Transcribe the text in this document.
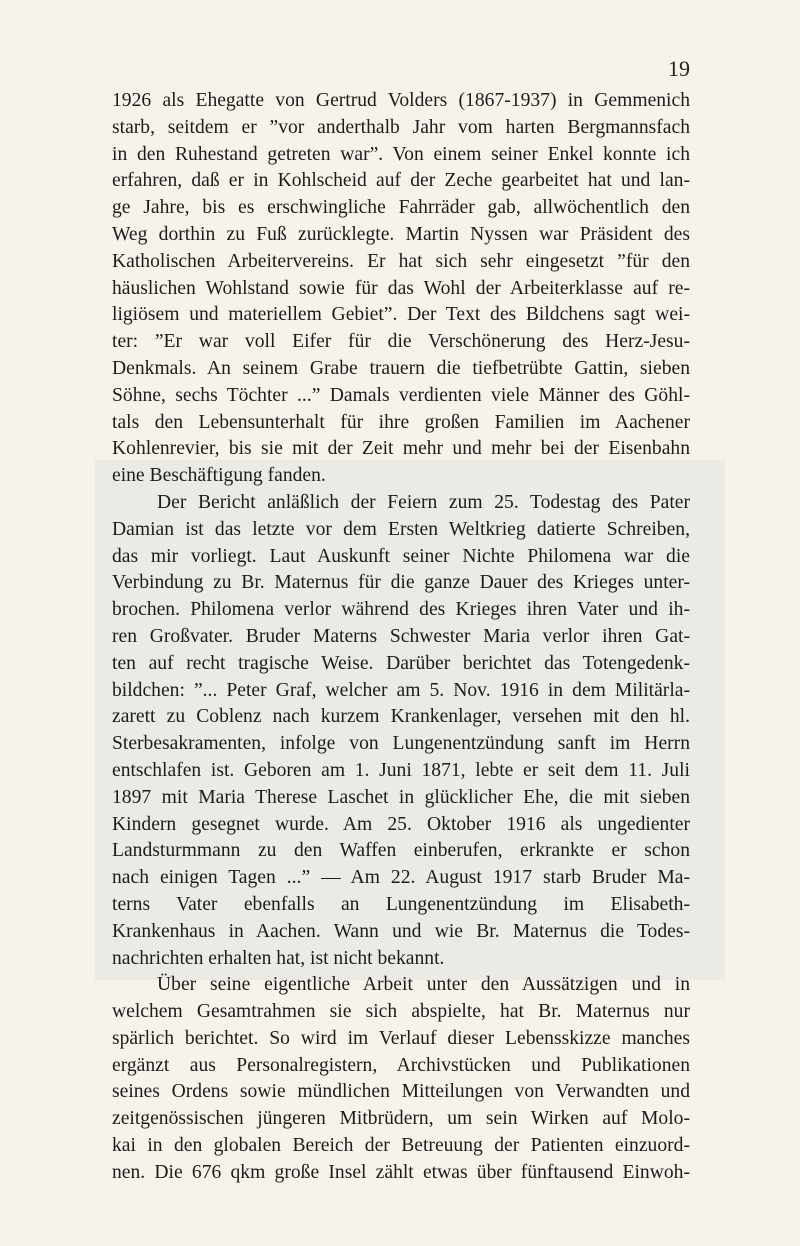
19
1926 als Ehegatte von Gertrud Volders (1867-1937) in Gemmenich
starb, seitdem er ”vor anderthalb Jahr vom harten Bergmannsfach
in den Ruhestand getreten war”. Von einem seiner Enkel konnte ich
erfahren, daß er in Kohlscheid auf der Zeche gearbeitet hat und lan-
ge Jahre, bis es erschwingliche Fahrräder gab, allwöchentlich den
Weg dorthin zu Fuß zurücklegte. Martin Nyssen war Präsident des
Katholischen Arbeitervereins. Er hat sich sehr eingesetzt ”für den
häuslichen Wohlstand sowie für das Wohl der Arbeiterklasse auf re-
ligiösem und materiellem Gebiet”. Der Text des Bildchens sagt wei-
ter: ”Er war voll Eifer für die Verschönerung des Herz-Jesu-
Denkmals. An seinem Grabe trauern die tiefbetrübte Gattin, sieben
Söhne, sechs Töchter ...” Damals verdienten viele Männer des Göhl-
tals den Lebensunterhalt für ihre großen Familien im Aachener
Kohlenrevier, bis sie mit der Zeit mehr und mehr bei der Eisenbahn
eine Beschäftigung fanden.
Der Bericht anläßlich der Feiern zum 25. Todestag des Pater
Damian ist das letzte vor dem Ersten Weltkrieg datierte Schreiben,
das mir vorliegt. Laut Auskunft seiner Nichte Philomena war die
Verbindung zu Br. Maternus für die ganze Dauer des Krieges unter-
brochen. Philomena verlor während des Krieges ihren Vater und ih-
ren Großvater. Bruder Materns Schwester Maria verlor ihren Gat-
ten auf recht tragische Weise. Darüber berichtet das Totengedenk-
bildchen: ”... Peter Graf, welcher am 5. Nov. 1916 in dem Militärla-
zarett zu Coblenz nach kurzem Krankenlager, versehen mit den hl.
Sterbesakramenten, infolge von Lungenentzündung sanft im Herrn
entschlafen ist. Geboren am 1. Juni 1871, lebte er seit dem 11. Juli
1897 mit Maria Therese Laschet in glücklicher Ehe, die mit sieben
Kindern gesegnet wurde. Am 25. Oktober 1916 als ungedienter
Landsturmmann zu den Waffen einberufen, erkrankte er schon
nach einigen Tagen ...” — Am 22. August 1917 starb Bruder Ma-
terns Vater ebenfalls an Lungenentzündung im Elisabeth-
Krankenhaus in Aachen. Wann und wie Br. Maternus die Todes-
nachrichten erhalten hat, ist nicht bekannt.
Über seine eigentliche Arbeit unter den Aussätzigen und in
welchem Gesamtrahmen sie sich abspielte, hat Br. Maternus nur
spärlich berichtet. So wird im Verlauf dieser Lebensskizze manches
ergänzt aus Personalregistern, Archivstücken und Publikationen
seines Ordens sowie mündlichen Mitteilungen von Verwandten und
zeitgenössischen jüngeren Mitbrüdern, um sein Wirken auf Molo-
kai in den globalen Bereich der Betreuung der Patienten einzuord-
nen. Die 676 qkm große Insel zählt etwas über fünftausend Einwoh-
